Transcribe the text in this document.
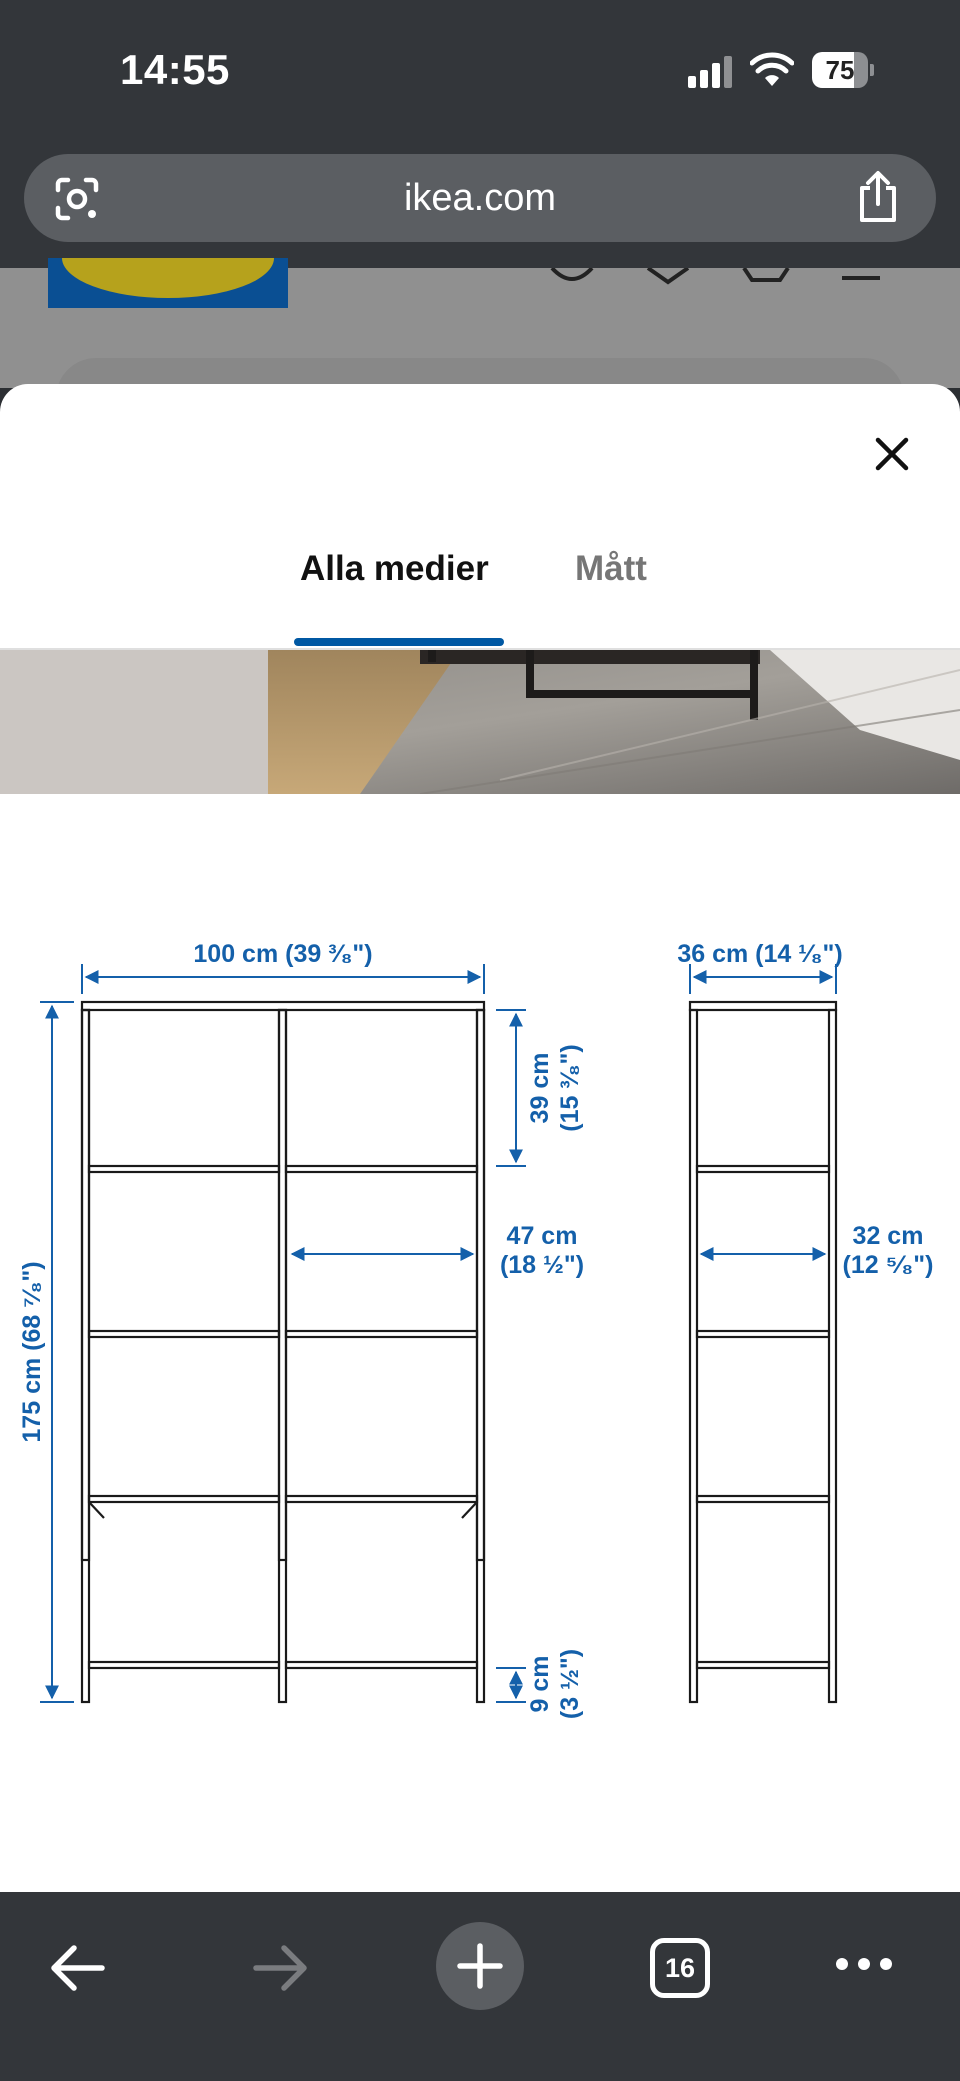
14:55	75
ikea.com
Alla medier Mått
100 cm (39 ³⁄₈")	36 cm (14 ¹⁄₈")
175 cm (68 ⁷⁄₈")
39 cm (15 ³⁄₈")
47 cm
(18 ½")
32 cm
(12 ⁵⁄₈")
9 cm (3 ½")
16
